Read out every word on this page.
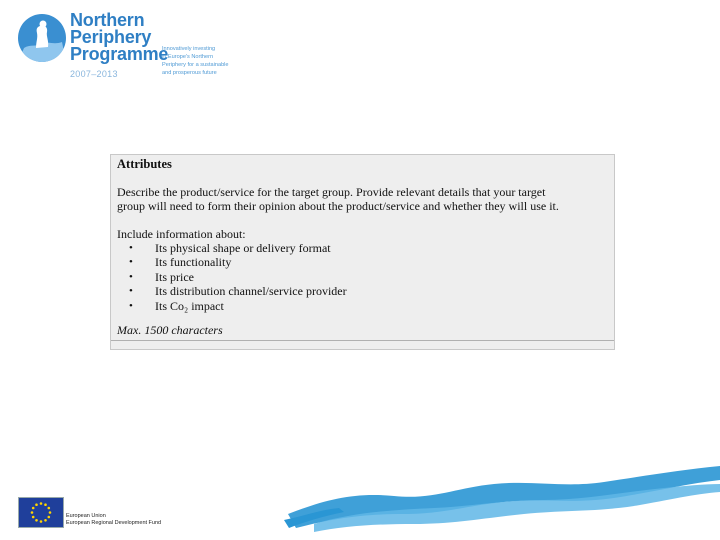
Northern
Periphery
Programme
2007–2013
Innovatively investing
in Europe's Northern
Periphery for a sustainable
and prosperous future
Attributes
Describe the product/service for the target group. Provide relevant details that your target
group will need to form their opinion about the product/service and whether they will use it.
Include information about:
•	Its physical shape or delivery format
•	Its functionality
•	Its price
•	Its distribution channel/service provider
•	Its Co₂ impact
Max. 1500 characters
European Union
European Regional Development Fund
